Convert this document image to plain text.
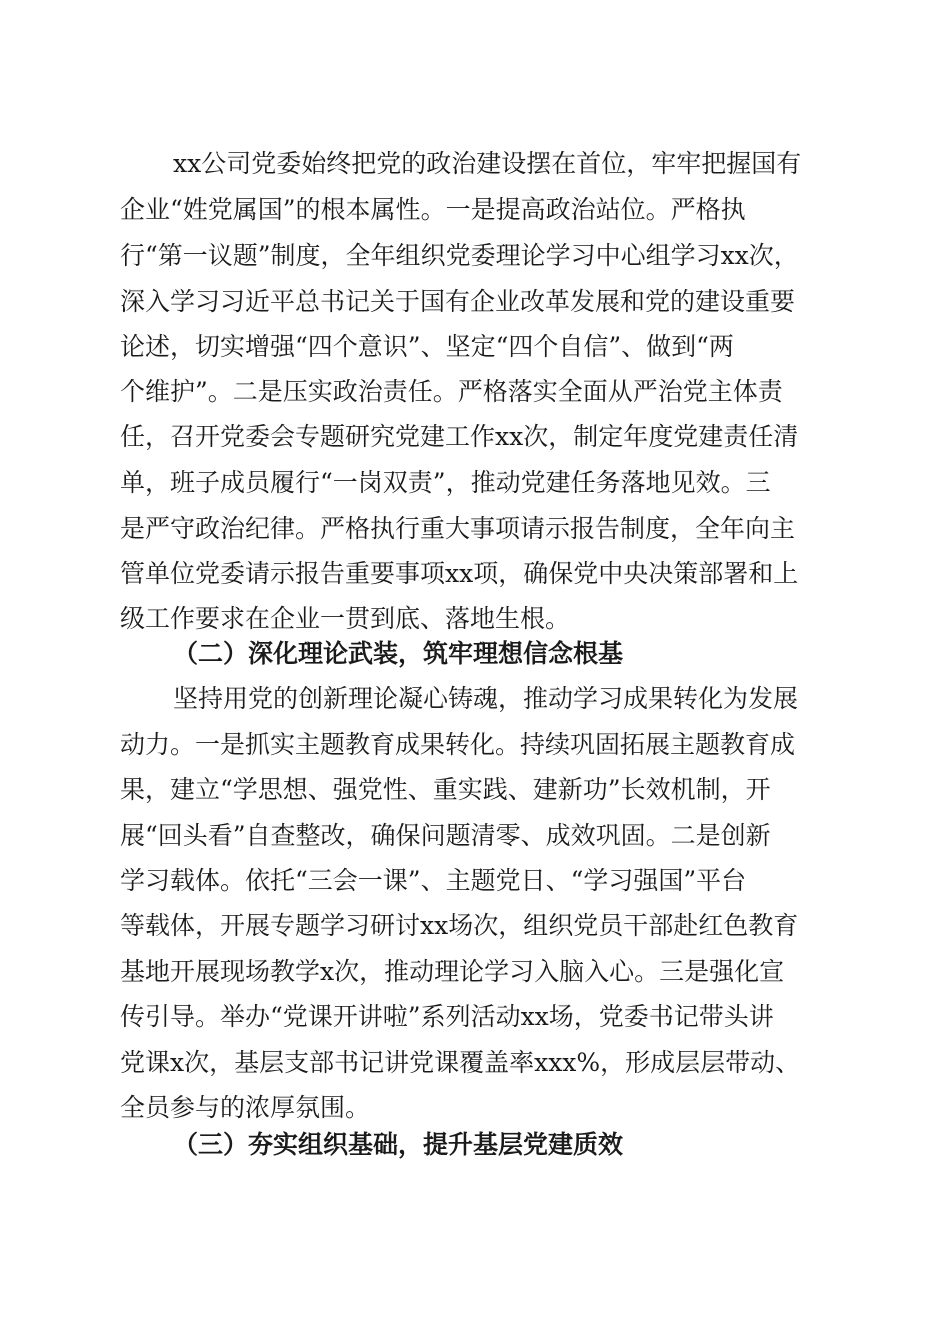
xx公司党委始终把党的政治建设摆在首位，牢牢把握国有
企业“姓党属国”的根本属性。一是提高政治站位。严格执
行“第一议题”制度，全年组织党委理论学习中心组学习xx次，
深入学习习近平总书记关于国有企业改革发展和党的建设重要
论述，切实增强“四个意识”、坚定“四个自信”、做到“两
个维护”。二是压实政治责任。严格落实全面从严治党主体责
任，召开党委会专题研究党建工作xx次，制定年度党建责任清
单，班子成员履行“一岗双责”，推动党建任务落地见效。三
是严守政治纪律。严格执行重大事项请示报告制度，全年向主
管单位党委请示报告重要事项xx项，确保党中央决策部署和上
级工作要求在企业一贯到底、落地生根。
（二）深化理论武装，筑牢理想信念根基
坚持用党的创新理论凝心铸魂，推动学习成果转化为发展
动力。一是抓实主题教育成果转化。持续巩固拓展主题教育成
果，建立“学思想、强党性、重实践、建新功”长效机制，开
展“回头看”自查整改，确保问题清零、成效巩固。二是创新
学习载体。依托“三会一课”、主题党日、“学习强国”平台
等载体，开展专题学习研讨xx场次，组织党员干部赴红色教育
基地开展现场教学x次，推动理论学习入脑入心。三是强化宣
传引导。举办“党课开讲啦”系列活动xx场，党委书记带头讲
党课x次，基层支部书记讲党课覆盖率xxx%，形成层层带动、
全员参与的浓厚氛围。
（三）夯实组织基础，提升基层党建质效
